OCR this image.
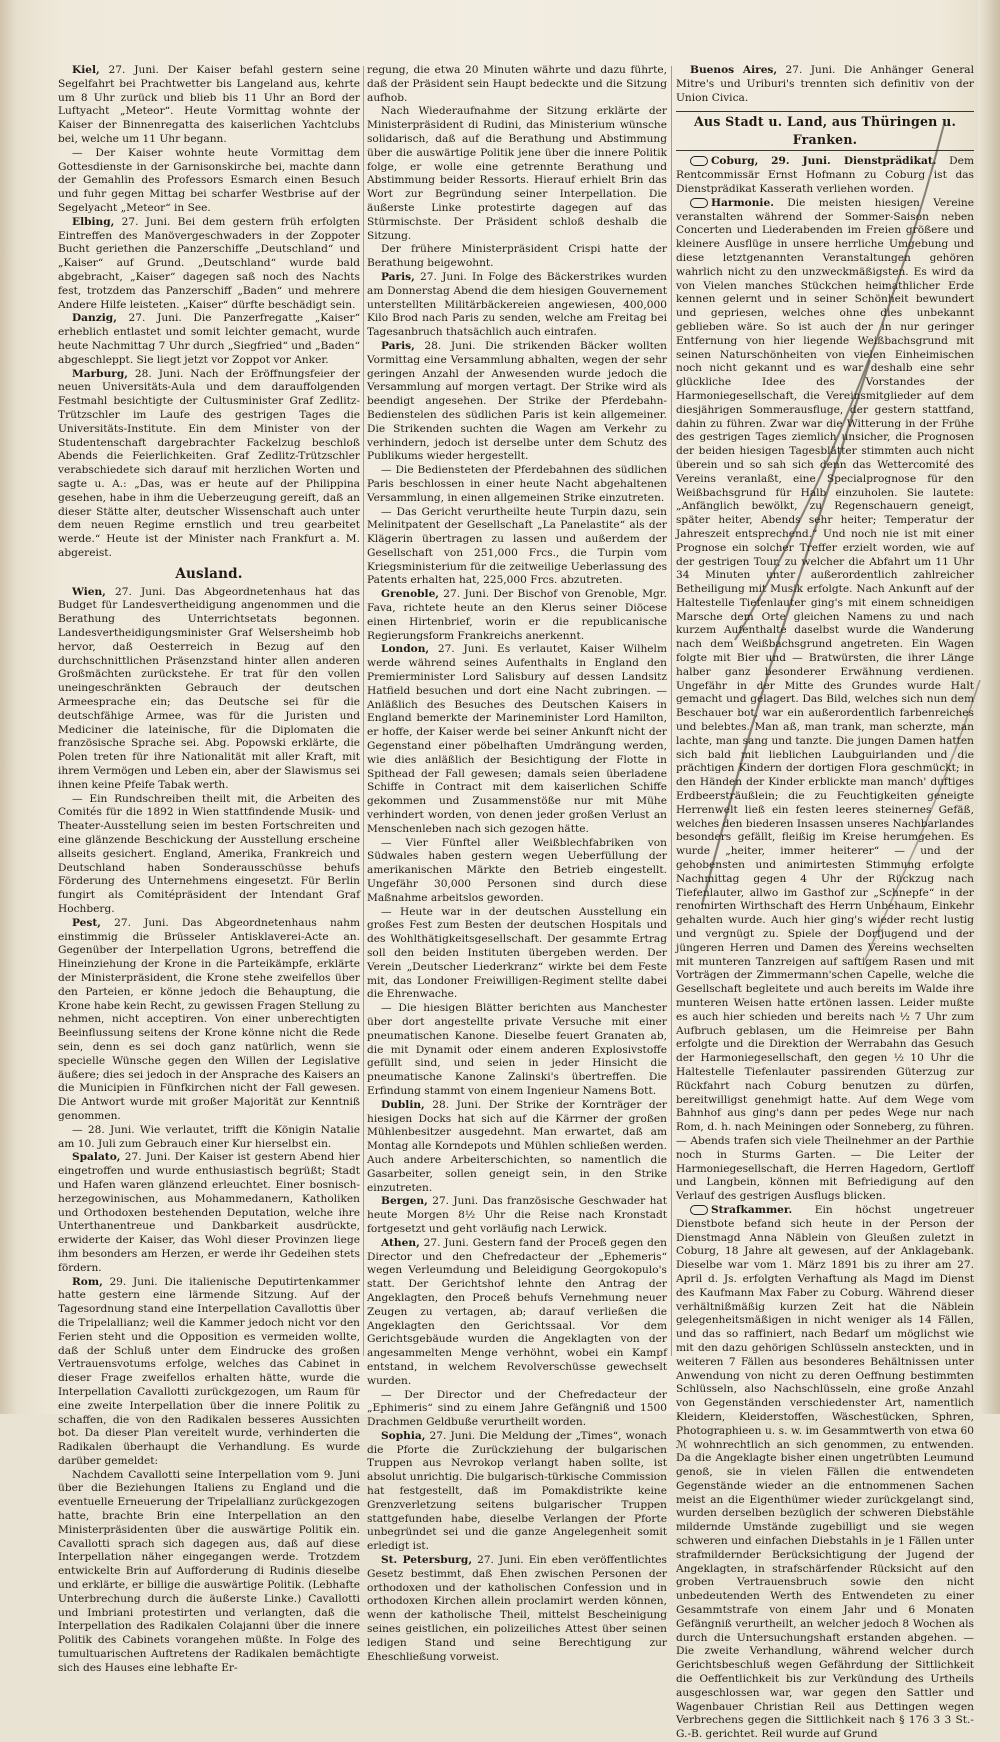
Kiel, 27. Juni. Der Kaiser befahl gestern seine Segelfahrt bei Prachtwetter bis Langeland aus, kehrte um 8 Uhr zurück und blieb bis 11 Uhr an Bord der Luftyacht „Meteor“. Heute Vormittag wohnte der Kaiser der Binnenregatta des kaiserlichen Yachtclubs bei, welche um 11 Uhr begann.

— Der Kaiser wohnte heute Vormittag dem Gottesdienste in der Garnisonskirche bei, machte dann der Gemahlin des Professors Esmarch einen Besuch und fuhr gegen Mittag bei scharfer Westbrise auf der Segelyacht „Meteor“ in See.

Elbing, 27. Juni. Bei dem gestern früh erfolgten Eintreffen des Manövergeschwaders in der Zoppoter Bucht geriethen die Panzerschiffe „Deutschland“ und „Kaiser“ auf Grund. „Deutschland“ wurde bald abgebracht, „Kaiser“ dagegen saß noch des Nachts fest, trotzdem das Panzerschiff „Baden“ und mehrere Andere Hilfe leisteten. „Kaiser“ dürfte beschädigt sein.

Danzig, 27. Juni. Die Panzerfregatte „Kaiser“ erheblich entlastet und somit leichter gemacht, wurde heute Nachmittag 7 Uhr durch „Siegfried“ und „Baden“ abgeschleppt. Sie liegt jetzt vor Zoppot vor Anker.

Marburg, 28. Juni. Nach der Eröffnungsfeier der neuen Universitäts-Aula und dem darauffolgenden Festmahl besichtigte der Cultusminister Graf Zedlitz-Trützschler im Laufe des gestrigen Tages die Universitäts-Institute. Ein dem Minister von der Studentenschaft dargebrachter Fackelzug beschloß Abends die Feierlichkeiten. Graf Zedlitz-Trützschler verabschiedete sich darauf mit herzlichen Worten und sagte u. A.: „Das, was er heute auf der Philippina gesehen, habe in ihm die Ueberzeugung gereift, daß an dieser Stätte alter, deutscher Wissenschaft auch unter dem neuen Regime ernstlich und treu gearbeitet werde.“ Heute ist der Minister nach Frankfurt a. M. abgereist.

Ausland.

Wien, 27. Juni. Das Abgeordnetenhaus hat das Budget für Landesvertheidigung angenommen und die Berathung des Unterrichtsetats begonnen. Landesvertheidigungsminister Graf Welsersheimb hob hervor, daß Oesterreich in Bezug auf den durchschnittlichen Präsenzstand hinter allen anderen Großmächten zurückstehe. Er trat für den vollen uneingeschränkten Gebrauch der deutschen Armeesprache ein; das Deutsche sei für die deutschfähige Armee, was für die Juristen und Mediciner die lateinische, für die Diplomaten die französische Sprache sei. Abg. Popowski erklärte, die Polen treten für ihre Nationalität mit aller Kraft, mit ihrem Vermögen und Leben ein, aber der Slawismus sei ihnen keine Pfeife Tabak werth.

— Ein Rundschreiben theilt mit, die Arbeiten des Comités für die 1892 in Wien stattfindende Musik- und Theater-Ausstellung seien im besten Fortschreiten und eine glänzende Beschickung der Ausstellung erscheine allseits gesichert. England, Amerika, Frankreich und Deutschland haben Sonderausschüsse behufs Förderung des Unternehmens eingesetzt. Für Berlin fungirt als Comitépräsident der Intendant Graf Hochberg.

Pest, 27. Juni. Das Abgeordnetenhaus nahm einstimmig die Brüsseler Antisklaverei-Acte an. Gegenüber der Interpellation Ugrons, betreffend die Hineinziehung der Krone in die Parteikämpfe, erklärte der Ministerpräsident, die Krone stehe zweifellos über den Parteien, er könne jedoch die Behauptung, die Krone habe kein Recht, zu gewissen Fragen Stellung zu nehmen, nicht acceptiren. Von einer unberechtigten Beeinflussung seitens der Krone könne nicht die Rede sein, denn es sei doch ganz natürlich, wenn sie specielle Wünsche gegen den Willen der Legislative äußere; dies sei jedoch in der Ansprache des Kaisers an die Municipien in Fünfkirchen nicht der Fall gewesen. Die Antwort wurde mit großer Majorität zur Kenntniß genommen.

— 28. Juni. Wie verlautet, trifft die Königin Natalie am 10. Juli zum Gebrauch einer Kur hierselbst ein.

Spalato, 27. Juni. Der Kaiser ist gestern Abend hier eingetroffen und wurde enthusiastisch begrüßt; Stadt und Hafen waren glänzend erleuchtet. Einer bosnisch-herzegowinischen, aus Mohammedanern, Katholiken und Orthodoxen bestehenden Deputation, welche ihre Unterthanentreue und Dankbarkeit ausdrückte, erwiderte der Kaiser, das Wohl dieser Provinzen liege ihm besonders am Herzen, er werde ihr Gedeihen stets fördern.

Rom, 29. Juni. Die italienische Deputirtenkammer hatte gestern eine lärmende Sitzung. Auf der Tagesordnung stand eine Interpellation Cavallottis über die Tripelallianz; weil die Kammer jedoch nicht vor den Ferien steht und die Opposition es vermeiden wollte, daß der Schluß unter dem Eindrucke des großen Vertrauensvotums erfolge, welches das Cabinet in dieser Frage zweifellos erhalten hätte, wurde die Interpellation Cavallotti zurückgezogen, um Raum für eine zweite Interpellation über die innere Politik zu schaffen, die von den Radikalen besseres Aussichten bot. Da dieser Plan vereitelt wurde, verhinderten die Radikalen überhaupt die Verhandlung. Es wurde darüber gemeldet:

Nachdem Cavallotti seine Interpellation vom 9. Juni über die Beziehungen Italiens zu England und die eventuelle Erneuerung der Tripelallianz zurückgezogen hatte, brachte Brin eine Interpellation an den Ministerpräsidenten über die auswärtige Politik ein. Cavallotti sprach sich dagegen aus, daß auf diese Interpellation näher eingegangen werde. Trotzdem entwickelte Brin auf Aufforderung di Rudinis dieselbe und erklärte, er billige die auswärtige Politik. (Lebhafte Unterbrechung durch die äußerste Linke.) Cavallotti und Imbriani protestirten und verlangten, daß die Interpellation des Radikalen Colajanni über die innere Politik des Cabinets vorangehen müßte. In Folge des tumultuarischen Auftretens der Radikalen bemächtigte sich des Hauses eine lebhafte Er-

regung, die etwa 20 Minuten währte und dazu führte, daß der Präsident sein Haupt bedeckte und die Sitzung aufhob.

Nach Wiederaufnahme der Sitzung erklärte der Ministerpräsident di Rudini, das Ministerium wünsche solidarisch, daß auf die Berathung und Abstimmung über die auswärtige Politik jene über die innere Politik folge, er wolle eine getrennte Berathung und Abstimmung beider Ressorts. Hierauf erhielt Brin das Wort zur Begründung seiner Interpellation. Die äußerste Linke protestirte dagegen auf das Stürmischste. Der Präsident schloß deshalb die Sitzung.

Der frühere Ministerpräsident Crispi hatte der Berathung beigewohnt.

Paris, 27. Juni. In Folge des Bäckerstrikes wurden am Donnerstag Abend die dem hiesigen Gouvernement unterstellten Militärbäckereien angewiesen, 400,000 Kilo Brod nach Paris zu senden, welche am Freitag bei Tagesanbruch thatsächlich auch eintrafen.

Paris, 28. Juni. Die strikenden Bäcker wollten Vormittag eine Versammlung abhalten, wegen der sehr geringen Anzahl der Anwesenden wurde jedoch die Versammlung auf morgen vertagt. Der Strike wird als beendigt angesehen. Der Strike der Pferdebahn-Bedienstelen des südlichen Paris ist kein allgemeiner. Die Strikenden suchten die Wagen am Verkehr zu verhindern, jedoch ist derselbe unter dem Schutz des Publikums wieder hergestellt.

— Die Bediensteten der Pferdebahnen des südlichen Paris beschlossen in einer heute Nacht abgehaltenen Versammlung, in einen allgemeinen Strike einzutreten.

— Das Gericht verurtheilte heute Turpin dazu, sein Melinitpatent der Gesellschaft „La Panelastite“ als der Klägerin übertragen zu lassen und außerdem der Gesellschaft von 251,000 Frcs., die Turpin vom Kriegsministerium für die zeitweilige Ueberlassung des Patents erhalten hat, 225,000 Frcs. abzutreten.

Grenoble, 27. Juni. Der Bischof von Grenoble, Mgr. Fava, richtete heute an den Klerus seiner Diöcese einen Hirtenbrief, worin er die republicanische Regierungsform Frankreichs anerkennt.

London, 27. Juni. Es verlautet, Kaiser Wilhelm werde während seines Aufenthalts in England den Premierminister Lord Salisbury auf dessen Landsitz Hatfield besuchen und dort eine Nacht zubringen. — Anläßlich des Besuches des Deutschen Kaisers in England bemerkte der Marineminister Lord Hamilton, er hoffe, der Kaiser werde bei seiner Ankunft nicht der Gegenstand einer pöbelhaften Umdrängung werden, wie dies anläßlich der Besichtigung der Flotte in Spithead der Fall gewesen; damals seien überladene Schiffe in Contract mit dem kaiserlichen Schiffe gekommen und Zusammenstöße nur mit Mühe verhindert worden, von denen jeder großen Verlust an Menschenleben nach sich gezogen hätte.

— Vier Fünftel aller Weißblechfabriken von Südwales haben gestern wegen Ueberfüllung der amerikanischen Märkte den Betrieb eingestellt. Ungefähr 30,000 Personen sind durch diese Maßnahme arbeitslos geworden.

— Heute war in der deutschen Ausstellung ein großes Fest zum Besten der deutschen Hospitals und des Wohlthätigkeitsgesellschaft. Der gesammte Ertrag soll den beiden Instituten übergeben werden. Der Verein „Deutscher Liederkranz“ wirkte bei dem Feste mit, das Londoner Freiwilligen-Regiment stellte dabei die Ehrenwache.

— Die hiesigen Blätter berichten aus Manchester über dort angestellte private Versuche mit einer pneumatischen Kanone. Dieselbe feuert Granaten ab, die mit Dynamit oder einem anderen Explosivstoffe gefüllt sind, und seien in jeder Hinsicht die pneumatische Kanone Zalinski's übertreffen. Die Erfindung stammt von einem Ingenieur Namens Bott.

Dublin, 28. Juni. Der Strike der Kornträger der hiesigen Docks hat sich auf die Kärrner der großen Mühlenbesitzer ausgedehnt. Man erwartet, daß am Montag alle Korndepots und Mühlen schließen werden. Auch andere Arbeiterschichten, so namentlich die Gasarbeiter, sollen geneigt sein, in den Strike einzutreten.

Bergen, 27. Juni. Das französische Geschwader hat heute Morgen 8½ Uhr die Reise nach Kronstadt fortgesetzt und geht vorläufig nach Lerwick.

Athen, 27. Juni. Gestern fand der Proceß gegen den Director und den Chefredacteur der „Ephemeris“ wegen Verleumdung und Beleidigung Georgokopulo's statt. Der Gerichtshof lehnte den Antrag der Angeklagten, den Proceß behufs Vernehmung neuer Zeugen zu vertagen, ab; darauf verließen die Angeklagten den Gerichtssaal. Vor dem Gerichtsgebäude wurden die Angeklagten von der angesammelten Menge verhöhnt, wobei ein Kampf entstand, in welchem Revolverschüsse gewechselt wurden.

— Der Director und der Chefredacteur der „Ephimeris“ sind zu einem Jahre Gefängniß und 1500 Drachmen Geldbuße verurtheilt worden.

Sophia, 27. Juni. Die Meldung der „Times“, wonach die Pforte die Zurückziehung der bulgarischen Truppen aus Nevrokop verlangt haben sollte, ist absolut unrichtig. Die bulgarisch-türkische Commission hat festgestellt, daß im Pomakdistrikte keine Grenzverletzung seitens bulgarischer Truppen stattgefunden habe, dieselbe Verlangen der Pforte unbegründet sei und die ganze Angelegenheit somit erledigt ist.

St. Petersburg, 27. Juni. Ein eben veröffentlichtes Gesetz bestimmt, daß Ehen zwischen Personen der orthodoxen und der katholischen Confession und in orthodoxen Kirchen allein proclamirt werden können, wenn der katholische Theil, mittelst Bescheinigung seines geistlichen, ein polizeiliches Attest über seinen ledigen Stand und seine Berechtigung zur Eheschließung vorweist.

Buenos Aires, 27. Juni. Die Anhänger General Mitre's und Uriburi's trennten sich definitiv von der Union Civica.

Aus Stadt u. Land, aus Thüringen u. Franken.

Coburg, 29. Juni. Dienstprädikat. Dem Rentcommissär Ernst Hofmann zu Coburg ist das Dienstprädikat Kasserath verliehen worden.

Harmonie. Die meisten hiesigen Vereine veranstalten während der Sommer-Saison neben Concerten und Liederabenden im Freien größere und kleinere Ausflüge in unsere herrliche Umgebung und diese letztgenannten Veranstaltungen gehören wahrlich nicht zu den unzweckmäßigsten. Es wird da von Vielen manches Stückchen heimathlicher Erde kennen gelernt und in seiner Schönheit bewundert und gepriesen, welches ohne dies unbekannt geblieben wäre. So ist auch der in nur geringer Entfernung von hier liegende Weißbachsgrund mit seinen Naturschönheiten von vielen Einheimischen noch nicht gekannt und es war deshalb eine sehr glückliche Idee des Vorstandes der Harmoniegesellschaft, die Vereinsmitglieder auf dem diesjährigen Sommerausfluge, der gestern stattfand, dahin zu führen. Zwar war die Witterung in der Frühe des gestrigen Tages ziemlich unsicher, die Prognosen der beiden hiesigen Tagesblätter stimmten auch nicht überein und so sah sich denn das Wettercomité des Vereins veranlaßt, eine Specialprognose für den Weißbachsgrund für Halb einzuholen. Sie lautete: „Anfänglich bewölkt, zu Regenschauern geneigt, später heiter, Abends sehr heiter; Temperatur der Jahreszeit entsprechend.“ Und noch nie ist mit einer Prognose ein solcher Treffer erzielt worden, wie auf der gestrigen Tour, zu welcher die Abfahrt um 11 Uhr 34 Minuten unter außerordentlich zahlreicher Betheiligung mit Musik erfolgte. Nach Ankunft auf der Haltestelle Tiefenlauter ging's mit einem schneidigen Marsche dem Orte gleichen Namens zu und nach kurzem Aufenthalte daselbst wurde die Wanderung nach dem Weißbachsgrund angetreten. Ein Wagen folgte mit Bier und — Bratwürsten, die ihrer Länge halber ganz besonderer Erwähnung verdienen. Ungefähr in der Mitte des Grundes wurde Halt gemacht und gelagert. Das Bild, welches sich nun dem Beschauer bot, war ein außerordentlich farbenreiches und belebtes. Man aß, man trank, man scherzte, man lachte, man sang und tanzte. Die jungen Damen hatten sich bald mit lieblichen Laubguirlanden und die prächtigen Kindern der dortigen Flora geschmückt; in den Händen der Kinder erblickte man manch' duftiges Erdbeersträußlein; die zu Feuchtigkeiten geneigte Herrenwelt ließ ein festen leeres steinernes Gefäß, welches den biederen Insassen unseres Nachbarlandes besonders gefällt, fleißig im Kreise herumgehen. Es wurde „heiter, immer heiterer“ — und der gehobensten und animirtesten Stimmung erfolgte Nachmittag gegen 4 Uhr der Rückzug nach Tiefenlauter, allwo im Gasthof zur „Schnepfe“ in der renomirten Wirthschaft des Herrn Unbehaum, Einkehr gehalten wurde. Auch hier ging's wieder recht lustig und vergnügt zu. Spiele der Dorfjugend und der jüngeren Herren und Damen des Vereins wechselten mit munteren Tanzreigen auf saftigem Rasen und mit Vorträgen der Zimmermann'schen Capelle, welche die Gesellschaft begleitete und auch bereits im Walde ihre munteren Weisen hatte ertönen lassen. Leider mußte es auch hier schieden und bereits nach ½ 7 Uhr zum Aufbruch geblasen, um die Heimreise per Bahn erfolgte und die Direktion der Werrabahn das Gesuch der Harmoniegesellschaft, den gegen ½ 10 Uhr die Haltestelle Tiefenlauter passirenden Güterzug zur Rückfahrt nach Coburg benutzen zu dürfen, bereitwilligst genehmigt hatte. Auf dem Wege vom Bahnhof aus ging's dann per pedes Wege nur nach Rom, d. h. nach Meiningen oder Sonneberg, zu führen. — Abends trafen sich viele Theilnehmer an der Parthie noch in Sturms Garten. — Die Leiter der Harmoniegesellschaft, die Herren Hagedorn, Gertloff und Langbein, können mit Befriedigung auf den Verlauf des gestrigen Ausflugs blicken.

Strafkammer. Ein höchst ungetreuer Dienstbote befand sich heute in der Person der Dienstmagd Anna Näblein von Gleußen zuletzt in Coburg, 18 Jahre alt gewesen, auf der Anklagebank. Dieselbe war vom 1. März 1891 bis zu ihrer am 27. April d. Js. erfolgten Verhaftung als Magd im Dienst des Kaufmann Max Faber zu Coburg. Während dieser verhältnißmäßig kurzen Zeit hat die Näblein gelegenheitsmäßigen in nicht weniger als 14 Fällen, und das so raffiniert, nach Bedarf um möglichst wie mit den dazu gehörigen Schlüsseln ansteckten, und in weiteren 7 Fällen aus besonderes Behältnissen unter Anwendung von nicht zu deren Oeffnung bestimmten Schlüsseln, also Nachschlüsseln, eine große Anzahl von Gegenständen verschiedenster Art, namentlich Kleidern, Kleiderstoffen, Wäschestücken, Sphren, Photographieen u. s. w. im Gesammtwerth von etwa 60 ℳ wohnrechtlich an sich genommen, zu entwenden. Da die Angeklagte bisher einen ungetrübten Leumund genoß, sie in vielen Fällen die entwendeten Gegenstände wieder an die entnommenen Sachen meist an die Eigenthümer wieder zurückgelangt sind, wurden derselben bezüglich der schweren Diebstähle mildernde Umstände zugebilligt und sie wegen schweren und einfachen Diebstahls in je 1 Fällen unter strafmildernder Berücksichtigung der Jugend der Angeklagten, in strafschärfender Rücksicht auf den groben Vertrauensbruch sowie den nicht unbedeutenden Werth des Entwendeten zu einer Gesammtstrafe von einem Jahr und 6 Monaten Gefängniß verurtheilt, an welcher jedoch 8 Wochen als durch die Untersuchungshaft erstanden abgehen. — Die zweite Verhandlung, während welcher durch Gerichtsbeschluß wegen Gefährdung der Sittlichkeit die Oeffentlichkeit bis zur Verkündung des Urtheils ausgeschlossen war, war gegen den Sattler und Wagenbauer Christian Reil aus Dettingen wegen Verbrechens gegen die Sittlichkeit nach § 176 3 3 St.-G.-B. gerichtet. Reil wurde auf Grund
